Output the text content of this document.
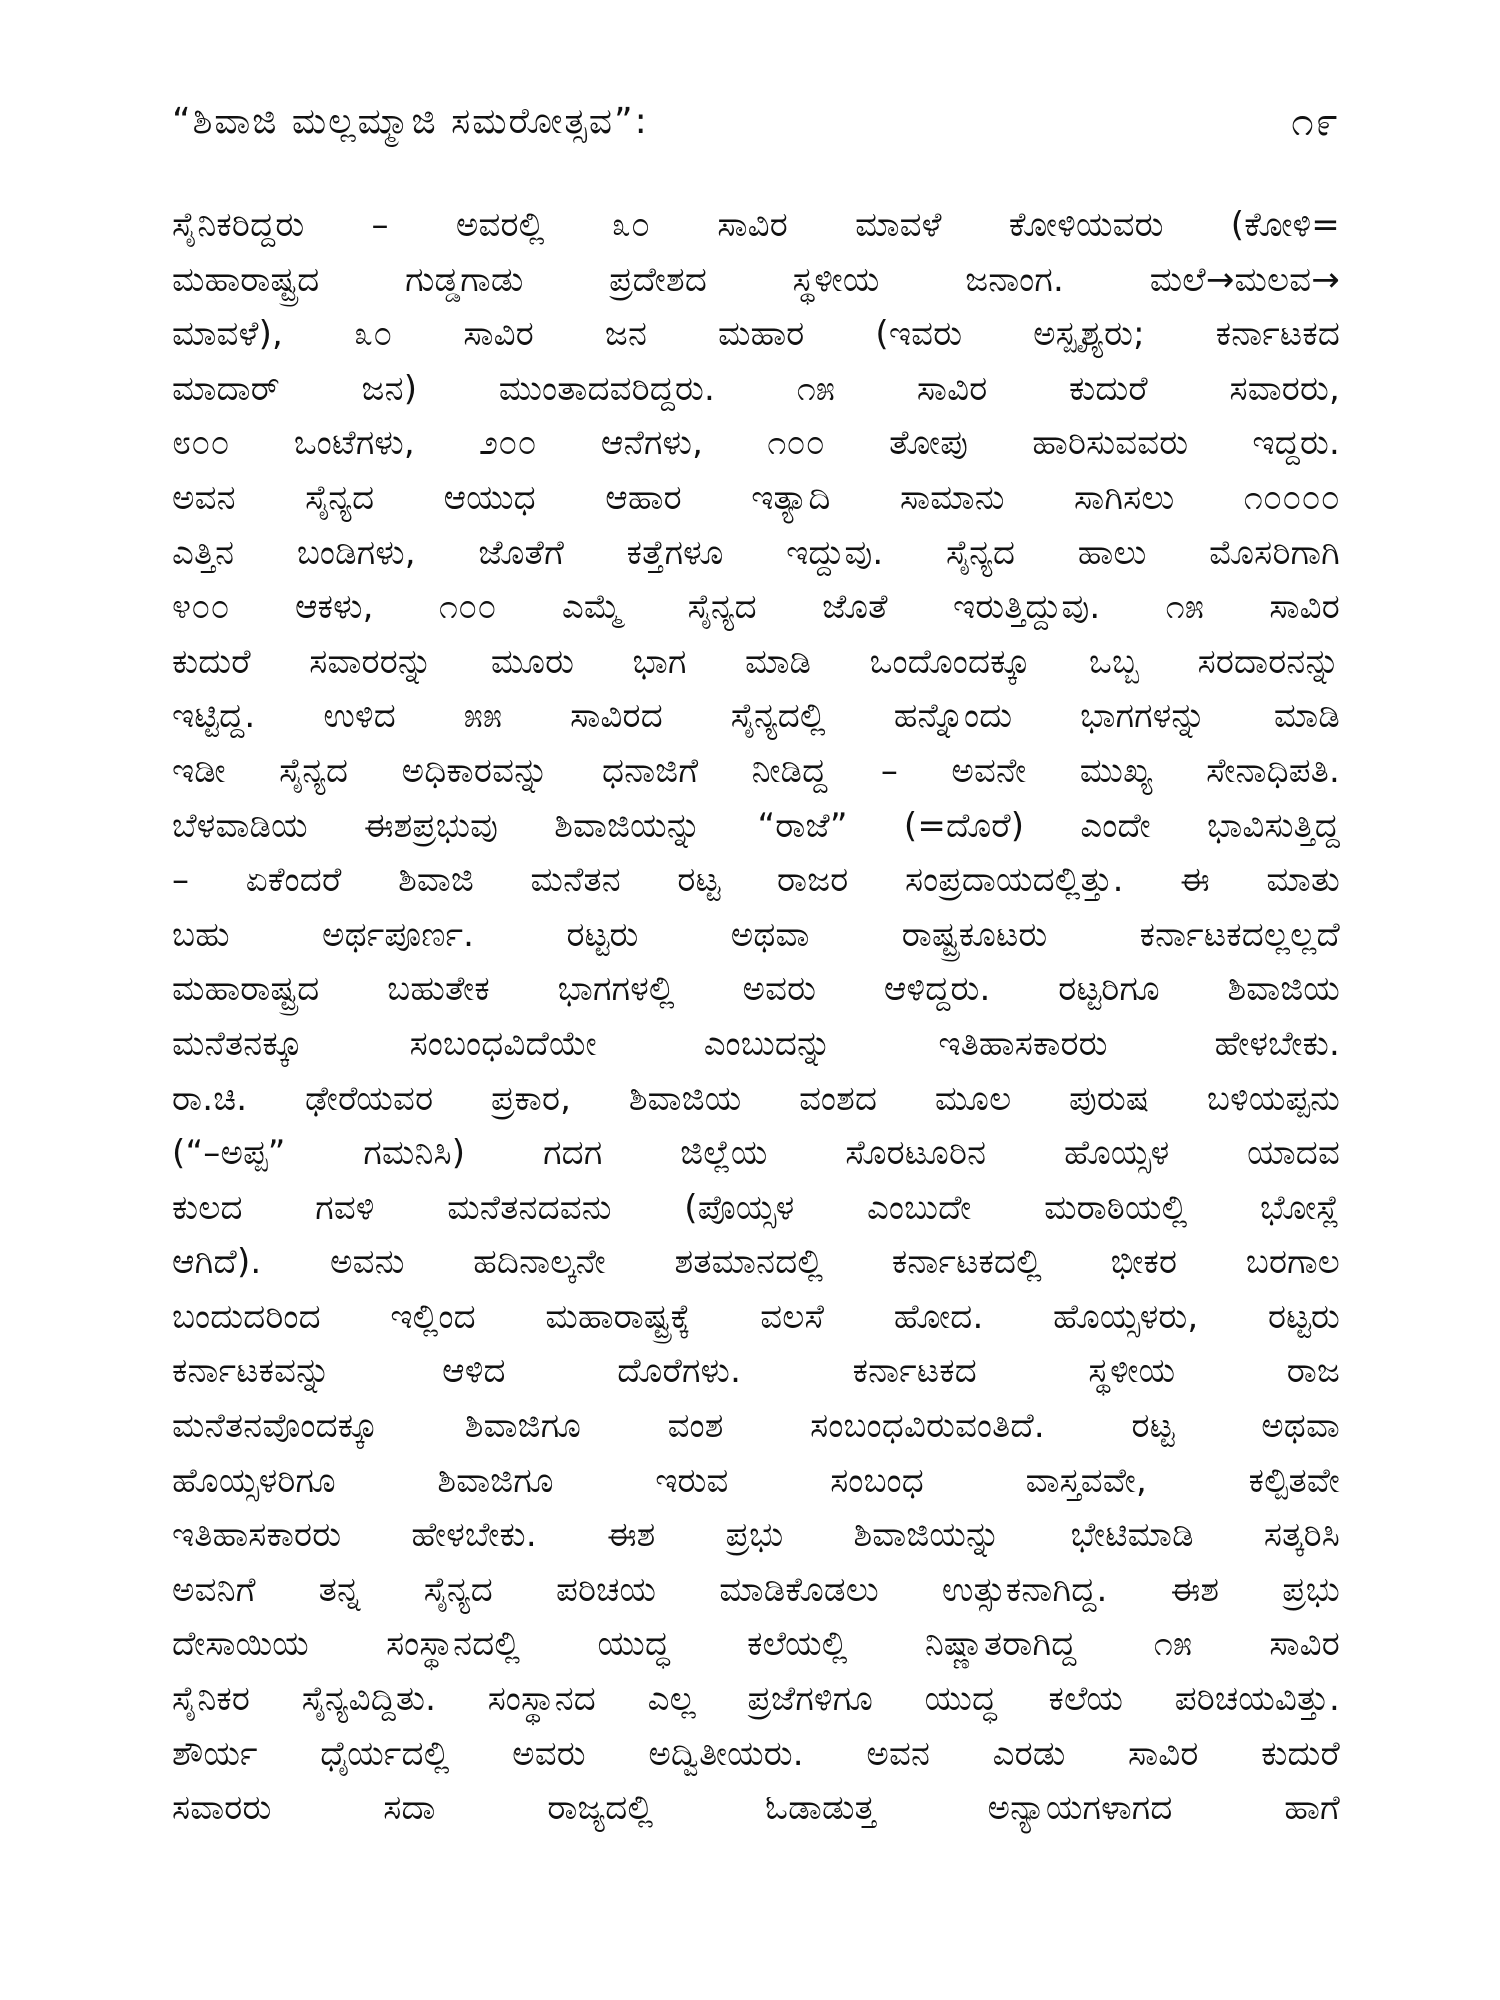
“ಶಿವಾಜಿ ಮಲ್ಲಮ್ಮಾಜಿ ಸಮರೋತ್ಸವ”:	೧೯
ಸೈನಿಕರಿದ್ದರು – ಅವರಲ್ಲಿ ೩೦ ಸಾವಿರ ಮಾವಳೆ ಕೋಳಿಯವರು (ಕೋಳಿ=
ಮಹಾರಾಷ್ಟ್ರದ ಗುಡ್ಡಗಾಡು ಪ್ರದೇಶದ ಸ್ಥಳೀಯ ಜನಾಂಗ. ಮಲೆ→ಮಲವ→
ಮಾವಳೆ), ೩೦ ಸಾವಿರ ಜನ ಮಹಾರ (ಇವರು ಅಸ್ಪೃಶ್ಯರು; ಕರ್ನಾಟಕದ
ಮಾದಾರ್ ಜನ) ಮುಂತಾದವರಿದ್ದರು. ೧೫ ಸಾವಿರ ಕುದುರೆ ಸವಾರರು,
೮೦೦ ಒಂಟೆಗಳು, ೨೦೦ ಆನೆಗಳು, ೧೦೦ ತೋಪು ಹಾರಿಸುವವರು ಇದ್ದರು.
ಅವನ ಸೈನ್ಯದ ಆಯುಧ ಆಹಾರ ಇತ್ಯಾದಿ ಸಾಮಾನು ಸಾಗಿಸಲು ೧೦೦೦೦
ಎತ್ತಿನ ಬಂಡಿಗಳು, ಜೊತೆಗೆ ಕತ್ತೆಗಳೂ ಇದ್ದುವು. ಸೈನ್ಯದ ಹಾಲು ಮೊಸರಿಗಾಗಿ
೪೦೦ ಆಕಳು, ೧೦೦ ಎಮ್ಮೆ ಸೈನ್ಯದ ಜೊತೆ ಇರುತ್ತಿದ್ದುವು. ೧೫ ಸಾವಿರ
ಕುದುರೆ ಸವಾರರನ್ನು ಮೂರು ಭಾಗ ಮಾಡಿ ಒಂದೊಂದಕ್ಕೂ ಒಬ್ಬ ಸರದಾರನನ್ನು
ಇಟ್ಟಿದ್ದ. ಉಳಿದ ೫೫ ಸಾವಿರದ ಸೈನ್ಯದಲ್ಲಿ ಹನ್ನೊಂದು ಭಾಗಗಳನ್ನು ಮಾಡಿ
ಇಡೀ ಸೈನ್ಯದ ಅಧಿಕಾರವನ್ನು ಧನಾಜಿಗೆ ನೀಡಿದ್ದ – ಅವನೇ ಮುಖ್ಯ ಸೇನಾಧಿಪತಿ.
ಬೆಳವಾಡಿಯ ಈಶಪ್ರಭುವು ಶಿವಾಜಿಯನ್ನು “ರಾಜೆ” (=ದೊರೆ) ಎಂದೇ ಭಾವಿಸುತ್ತಿದ್ದ
– ಏಕೆಂದರೆ ಶಿವಾಜಿ ಮನೆತನ ರಟ್ಟ ರಾಜರ ಸಂಪ್ರದಾಯದಲ್ಲಿತ್ತು. ಈ ಮಾತು
ಬಹು ಅರ್ಥಪೂರ್ಣ. ರಟ್ಟರು ಅಥವಾ ರಾಷ್ಟ್ರಕೂಟರು ಕರ್ನಾಟಕದಲ್ಲಲ್ಲದೆ
ಮಹಾರಾಷ್ಟ್ರದ ಬಹುತೇಕ ಭಾಗಗಳಲ್ಲಿ ಅವರು ಆಳಿದ್ದರು. ರಟ್ಟರಿಗೂ ಶಿವಾಜಿಯ
ಮನೆತನಕ್ಕೂ ಸಂಬಂಧವಿದೆಯೇ ಎಂಬುದನ್ನು ಇತಿಹಾಸಕಾರರು ಹೇಳಬೇಕು.
ರಾ.ಚಿ. ಢೇರೆಯವರ ಪ್ರಕಾರ, ಶಿವಾಜಿಯ ವಂಶದ ಮೂಲ ಪುರುಷ ಬಳಿಯಪ್ಪನು
(“–ಅಪ್ಪ” ಗಮನಿಸಿ) ಗದಗ ಜಿಲ್ಲೆಯ ಸೊರಟೂರಿನ ಹೊಯ್ಸಳ ಯಾದವ
ಕುಲದ ಗವಳಿ ಮನೆತನದವನು (ಪೊಯ್ಸಳ ಎಂಬುದೇ ಮರಾಠಿಯಲ್ಲಿ ಭೋಸ್ಲೆ
ಆಗಿದೆ). ಅವನು ಹದಿನಾಲ್ಕನೇ ಶತಮಾನದಲ್ಲಿ ಕರ್ನಾಟಕದಲ್ಲಿ ಭೀಕರ ಬರಗಾಲ
ಬಂದುದರಿಂದ ಇಲ್ಲಿಂದ ಮಹಾರಾಷ್ಟ್ರಕ್ಕೆ ವಲಸೆ ಹೋದ. ಹೊಯ್ಸಳರು, ರಟ್ಟರು
ಕರ್ನಾಟಕವನ್ನು ಆಳಿದ ದೊರೆಗಳು. ಕರ್ನಾಟಕದ ಸ್ಥಳೀಯ ರಾಜ
ಮನೆತನವೊಂದಕ್ಕೂ ಶಿವಾಜಿಗೂ ವಂಶ ಸಂಬಂಧವಿರುವಂತಿದೆ. ರಟ್ಟ ಅಥವಾ
ಹೊಯ್ಸಳರಿಗೂ ಶಿವಾಜಿಗೂ ಇರುವ ಸಂಬಂಧ ವಾಸ್ತವವೇ, ಕಲ್ಪಿತವೇ
ಇತಿಹಾಸಕಾರರು ಹೇಳಬೇಕು. ಈಶ ಪ್ರಭು ಶಿವಾಜಿಯನ್ನು ಭೇಟಿಮಾಡಿ ಸತ್ಕರಿಸಿ
ಅವನಿಗೆ ತನ್ನ ಸೈನ್ಯದ ಪರಿಚಯ ಮಾಡಿಕೊಡಲು ಉತ್ಸುಕನಾಗಿದ್ದ. ಈಶ ಪ್ರಭು
ದೇಸಾಯಿಯ ಸಂಸ್ಥಾನದಲ್ಲಿ ಯುದ್ಧ ಕಲೆಯಲ್ಲಿ ನಿಷ್ಣಾತರಾಗಿದ್ದ ೧೫ ಸಾವಿರ
ಸೈನಿಕರ ಸೈನ್ಯವಿದ್ದಿತು. ಸಂಸ್ಥಾನದ ಎಲ್ಲ ಪ್ರಜೆಗಳಿಗೂ ಯುದ್ಧ ಕಲೆಯ ಪರಿಚಯವಿತ್ತು.
ಶೌರ್ಯ ಧೈರ್ಯದಲ್ಲಿ ಅವರು ಅದ್ವಿತೀಯರು. ಅವನ ಎರಡು ಸಾವಿರ ಕುದುರೆ
ಸವಾರರು ಸದಾ ರಾಜ್ಯದಲ್ಲಿ ಓಡಾಡುತ್ತ ಅನ್ಯಾಯಗಳಾಗದ ಹಾಗೆ
